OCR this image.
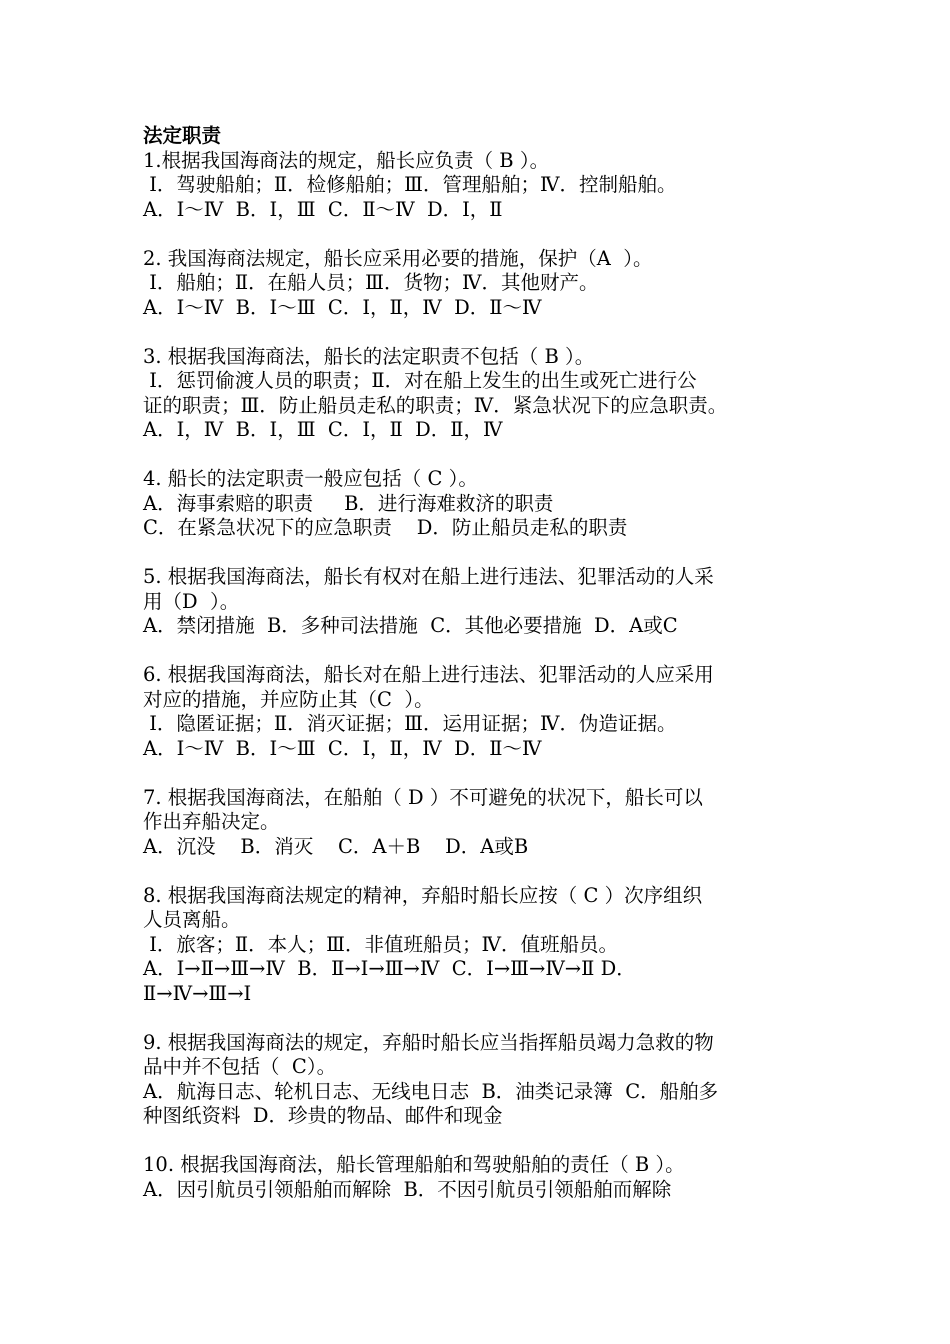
法定职责
1.根据我国海商法的规定，船长应负责（ B ）。
Ⅰ．驾驶船舶；Ⅱ．检修船舶；Ⅲ．管理船舶；Ⅳ．控制船舶。
A．Ⅰ～Ⅳ  B．Ⅰ，Ⅲ  C．Ⅱ～Ⅳ  D．Ⅰ，Ⅱ
2. 我国海商法规定，船长应采用必要的措施，保护（A  ）。
Ⅰ．船舶；Ⅱ．在船人员；Ⅲ．货物；Ⅳ．其他财产。
A．Ⅰ～Ⅳ  B．Ⅰ～Ⅲ  C．Ⅰ，Ⅱ，Ⅳ  D．Ⅱ～Ⅳ
3. 根据我国海商法，船长的法定职责不包括（ B ）。
Ⅰ．惩罚偷渡人员的职责；Ⅱ．对在船上发生的出生或死亡进行公
证的职责；Ⅲ．防止船员走私的职责；Ⅳ．紧急状况下的应急职责。
A．Ⅰ，Ⅳ  B．Ⅰ，Ⅲ  C．Ⅰ，Ⅱ  D．Ⅱ，Ⅳ
4. 船长的法定职责一般应包括（ C ）。
A．海事索赔的职责     B．进行海难救济的职责
C．在紧急状况下的应急职责    D．防止船员走私的职责
5. 根据我国海商法，船长有权对在船上进行违法、犯罪活动的人采
用（D  ）。
A．禁闭措施  B．多种司法措施  C．其他必要措施  D．A或C
6. 根据我国海商法，船长对在船上进行违法、犯罪活动的人应采用
对应的措施，并应防止其（C  ）。
Ⅰ．隐匿证据；Ⅱ．消灭证据；Ⅲ．运用证据；Ⅳ．伪造证据。
A．Ⅰ～Ⅳ  B．Ⅰ～Ⅲ  C．Ⅰ，Ⅱ，Ⅳ  D．Ⅱ～Ⅳ
7. 根据我国海商法，在船舶（ D ）不可避免的状况下，船长可以
作出弃船决定。
A．沉没    B．消灭    C．A＋B    D．A或B
8. 根据我国海商法规定的精神，弃船时船长应按（ C ）次序组织
人员离船。
Ⅰ．旅客；Ⅱ．本人；Ⅲ．非值班船员；Ⅳ．值班船员。
A．Ⅰ→Ⅱ→Ⅲ→Ⅳ  B．Ⅱ→Ⅰ→Ⅲ→Ⅳ  C．Ⅰ→Ⅲ→Ⅳ→Ⅱ D．
Ⅱ→Ⅳ→Ⅲ→Ⅰ
9. 根据我国海商法的规定，弃船时船长应当指挥船员竭力急救的物
品中并不包括（  C）。
A．航海日志、轮机日志、无线电日志  B．油类记录簿  C．船舶多
种图纸资料  D．珍贵的物品、邮件和现金
10. 根据我国海商法，船长管理船舶和驾驶船舶的责任（ B ）。
A．因引航员引领船舶而解除  B．不因引航员引领船舶而解除
